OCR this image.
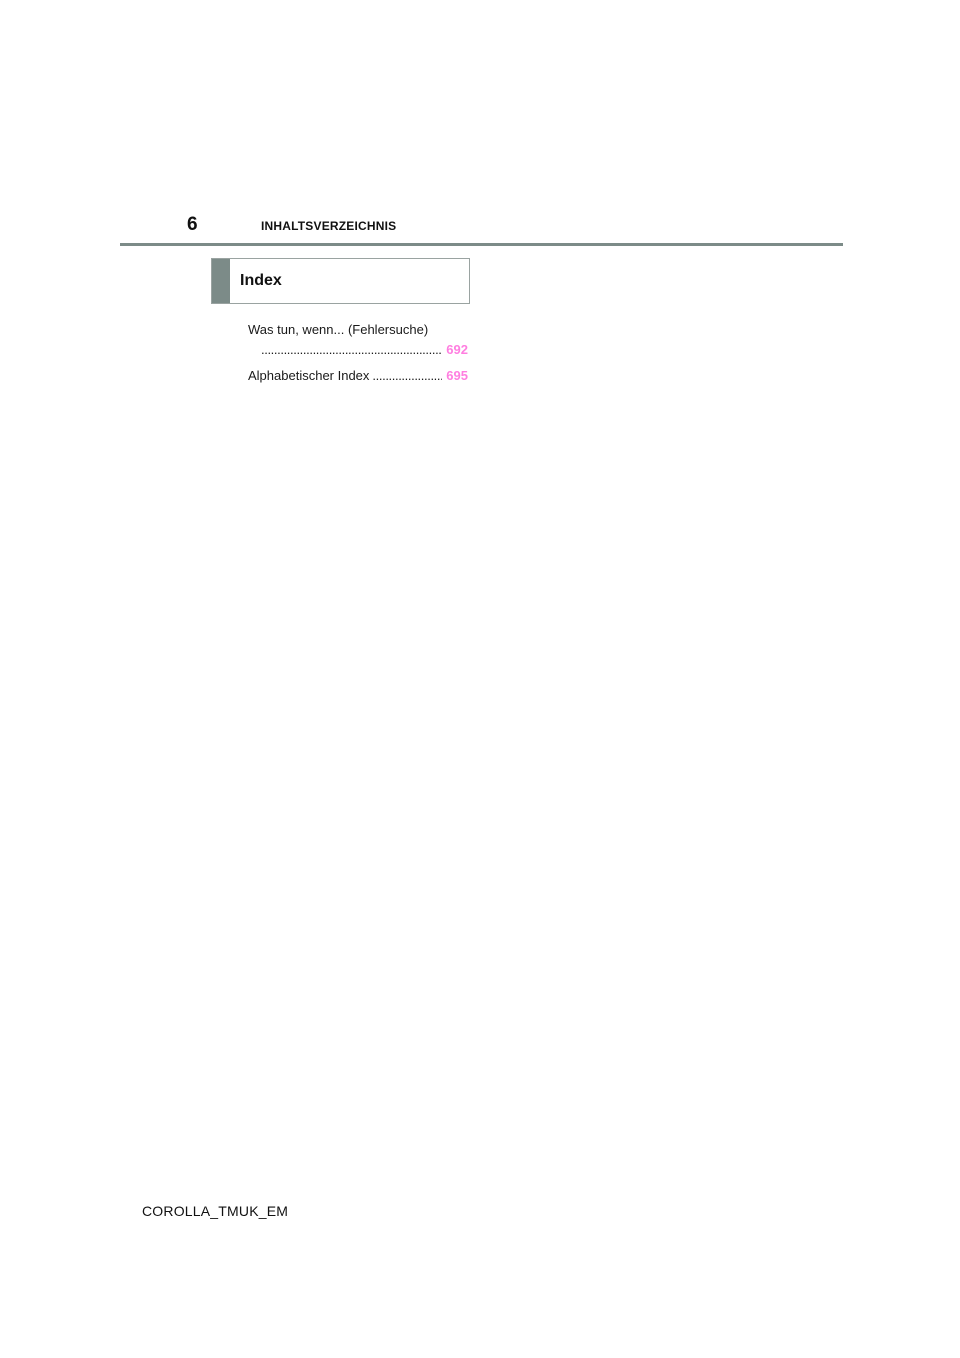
6	INHALTSVERZEICHNIS
Index
Was tun, wenn... (Fehlersuche)
. . .
692
Alphabetischer Index
. . .	695
COROLLA_TMUK_EM
